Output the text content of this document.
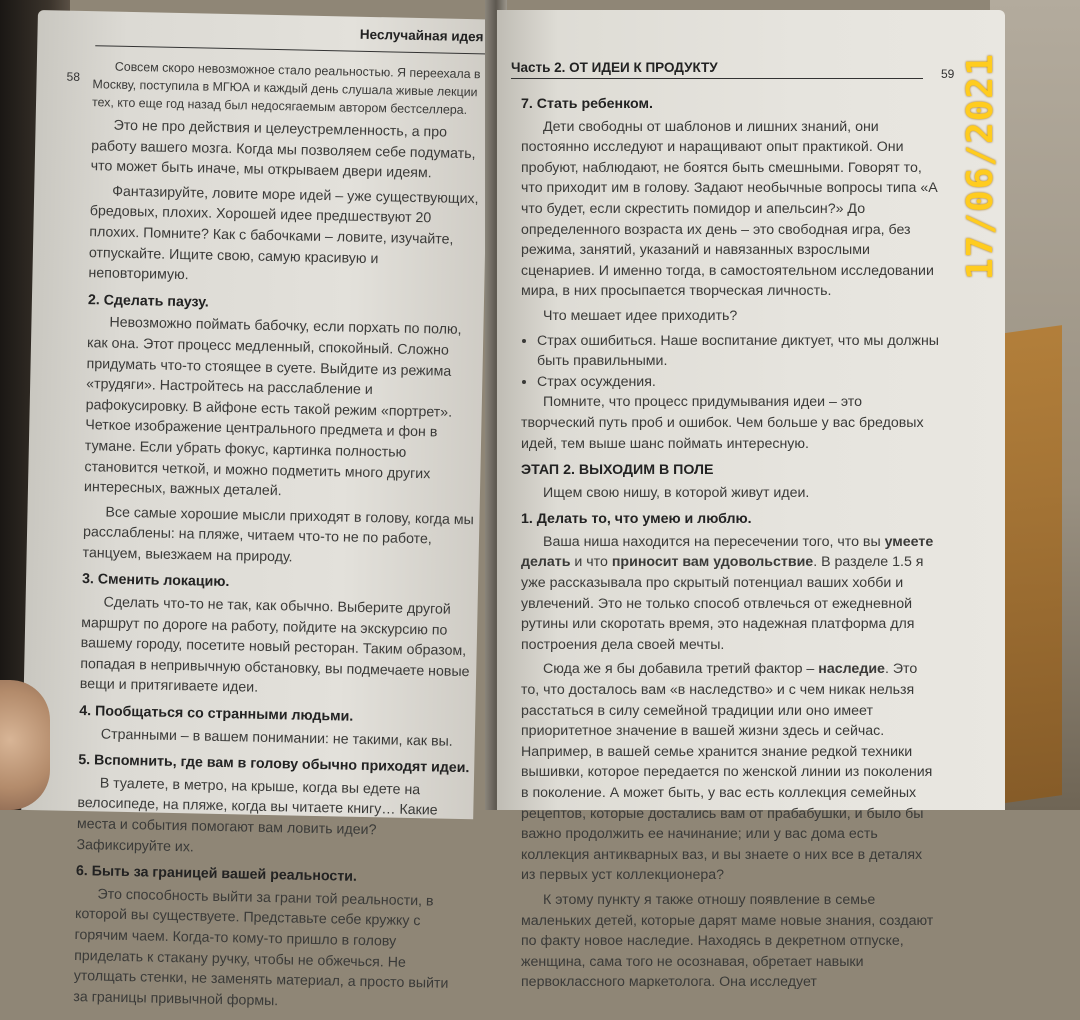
Неслучайная идея
58	Совсем скоро невозможное стало реальностью. Я переехала в Москву, поступила в МГЮА и каждый день слушала живые лекции тех, кто еще год назад был недосягаемым автором бестселлера.

Это не про действия и целеустремленность, а про работу вашего мозга. Когда мы позволяем себе подумать, что может быть иначе, мы открываем двери идеям.

Фантазируйте, ловите море идей – уже существующих, бредовых, плохих. Хорошей идее предшествуют 20 плохих. Помните? Как с бабочками – ловите, изучайте, отпускайте. Ищите свою, самую красивую и неповторимую.

2. Сделать паузу.

Невозможно поймать бабочку, если порхать по полю, как она. Этот процесс медленный, спокойный. Сложно придумать что-то стоящее в суете. Выйдите из режима «трудяги». Настройтесь на расслабление и рафокусировку. В айфоне есть такой режим «портрет». Четкое изображение центрального предмета и фон в тумане. Если убрать фокус, картинка полностью становится четкой, и можно подметить много других интересных, важных деталей.

Все самые хорошие мысли приходят в голову, когда мы расслаблены: на пляже, читаем что-то не по работе, танцуем, выезжаем на природу.

3. Сменить локацию.

Сделать что-то не так, как обычно. Выберите другой маршрут по дороге на работу, пойдите на экскурсию по вашему городу, посетите новый ресторан. Таким образом, попадая в непривычную обстановку, вы подмечаете новые вещи и притягиваете идеи.

4. Пообщаться со странными людьми.

Странными – в вашем понимании: не такими, как вы.

5. Вспомнить, где вам в голову обычно приходят идеи.

В туалете, в метро, на крыше, когда вы едете на велосипеде, на пляже, когда вы читаете книгу… Какие места и события помогают вам ловить идеи? Зафиксируйте их.

6. Быть за границей вашей реальности.

Это способность выйти за грани той реальности, в которой вы существуете. Представьте себе кружку с горячим чаем. Когда-то кому-то пришло в голову приделать к стакану ручку, чтобы не обжечься. Не утолщать стенки, не заменять материал, а просто выйти за границы привычной формы.

Часть 2. ОТ ИДЕИ К ПРОДУКТУ	59

7. Стать ребенком.

Дети свободны от шаблонов и лишних знаний, они постоянно исследуют и наращивают опыт практикой. Они пробуют, наблюдают, не боятся быть смешными. Говорят то, что приходит им в голову. Задают необычные вопросы типа «А что будет, если скрестить помидор и апельсин?» До определенного возраста их день – это свободная игра, без режима, занятий, указаний и навязанных взрослыми сценариев. И именно тогда, в самостоятельном исследовании мира, в них просыпается творческая личность.

Что мешает идее приходить?

• Страх ошибиться. Наше воспитание диктует, что мы должны быть правильными.
• Страх осуждения.

Помните, что процесс придумывания идеи – это творческий путь проб и ошибок. Чем больше у вас бредовых идей, тем выше шанс поймать интересную.

ЭТАП 2. ВЫХОДИМ В ПОЛЕ

Ищем свою нишу, в которой живут идеи.

1. Делать то, что умею и люблю.

Ваша ниша находится на пересечении того, что вы умеете делать и что приносит вам удовольствие. В разделе 1.5 я уже рассказывала про скрытый потенциал ваших хобби и увлечений. Это не только способ отвлечься от ежедневной рутины или скоротать время, это надежная платформа для построения дела своей мечты.

Сюда же я бы добавила третий фактор – наследие. Это то, что досталось вам «в наследство» и с чем никак нельзя расстаться в силу семейной традиции или оно имеет приоритетное значение в вашей жизни здесь и сейчас. Например, в вашей семье хранится знание редкой техники вышивки, которое передается по женской линии из поколения в поколение. А может быть, у вас есть коллекция семейных рецептов, которые достались вам от прабабушки, и было бы важно продолжить ее начинание; или у вас дома есть коллекция антикварных ваз, и вы знаете о них все в деталях из первых уст коллекционера?

К этому пункту я также отношу появление в семье маленьких детей, которые дарят маме новые знания, создают по факту новое наследие. Находясь в декретном отпуске, женщина, сама того не осознавая, обретает навыки первоклассного маркетолога. Она исследует

17/06/2021
